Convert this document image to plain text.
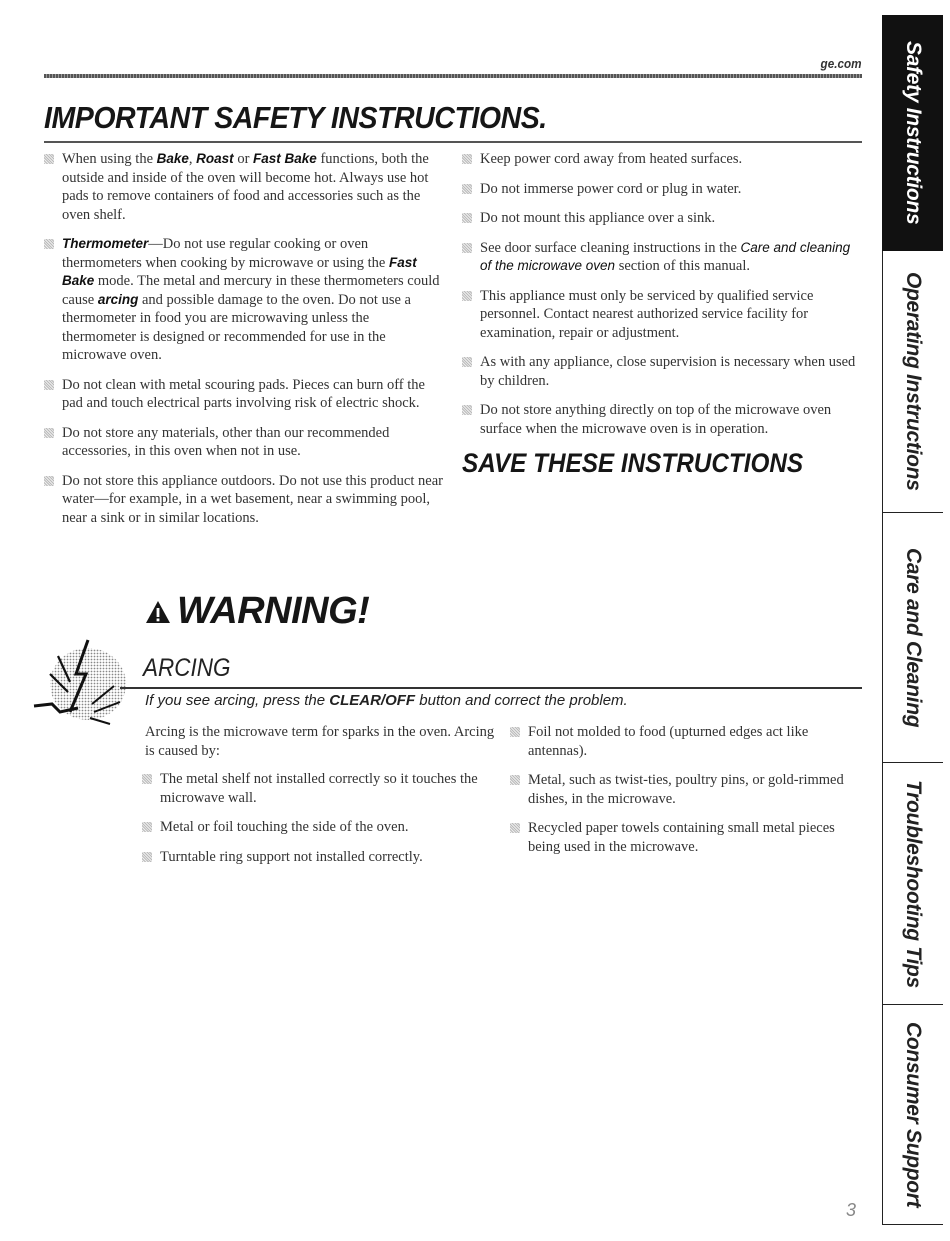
ge.com
IMPORTANT SAFETY INSTRUCTIONS.

When using the Bake, Roast or Fast Bake functions, both the outside and inside of the oven will become hot. Always use hot pads to remove containers of food and accessories such as the oven shelf.

Thermometer—Do not use regular cooking or oven thermometers when cooking by microwave or using the Fast Bake mode. The metal and mercury in these thermometers could cause arcing and possible damage to the oven. Do not use a thermometer in food you are microwaving unless the thermometer is designed or recommended for use in the microwave oven.

Do not clean with metal scouring pads. Pieces can burn off the pad and touch electrical parts involving risk of electric shock.

Do not store any materials, other than our recommended accessories, in this oven when not in use.

Do not store this appliance outdoors. Do not use this product near water—for example, in a wet basement, near a swimming pool, near a sink or in similar locations.

Keep power cord away from heated surfaces.

Do not immerse power cord or plug in water.

Do not mount this appliance over a sink.

See door surface cleaning instructions in the Care and cleaning of the microwave oven section of this manual.

This appliance must only be serviced by qualified service personnel. Contact nearest authorized service facility for examination, repair or adjustment.

As with any appliance, close supervision is necessary when used by children.

Do not store anything directly on top of the microwave oven surface when the microwave oven is in operation.

SAVE THESE INSTRUCTIONS
WARNING!
ARCING
If you see arcing, press the CLEAR/OFF button and correct the problem.

Arcing is the microwave term for sparks in the oven. Arcing is caused by:

The metal shelf not installed correctly so it touches the microwave wall.

Metal or foil touching the side of the oven.

Turntable ring support not installed correctly.

Foil not molded to food (upturned edges act like antennas).

Metal, such as twist-ties, poultry pins, or gold-rimmed dishes, in the microwave.

Recycled paper towels containing small metal pieces being used in the microwave.

Safety Instructions
Operating Instructions
Care and Cleaning
Troubleshooting Tips
Consumer Support
3
